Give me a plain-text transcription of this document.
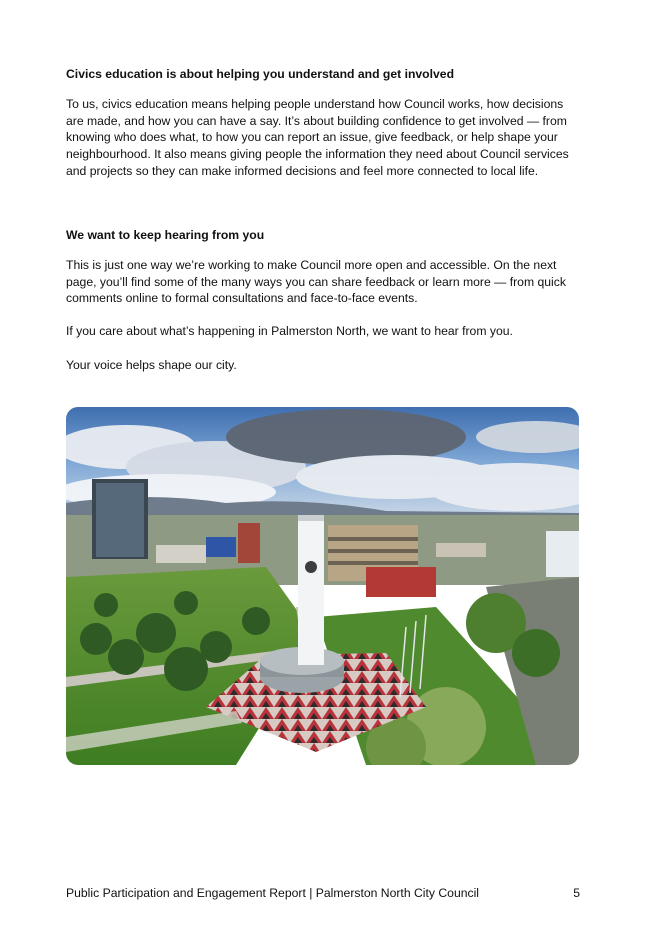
Civics education is about helping you understand and get involved

To us, civics education means helping people understand how Council works, how decisions are made, and how you can have a say. It’s about building confidence to get involved — from knowing who does what, to how you can report an issue, give feedback, or help shape your neighbourhood. It also means giving people the information they need about Council services and projects so they can make informed decisions and feel more connected to local life.

We want to keep hearing from you

This is just one way we’re working to make Council more open and accessible. On the next page, you’ll find some of the many ways you can share feedback or learn more — from quick comments online to formal consultations and face-to-face events.

If you care about what’s happening in Palmerston North, we want to hear from you.

Your voice helps shape our city.

Public Participation and Engagement Report | Palmerston North City Council	5
